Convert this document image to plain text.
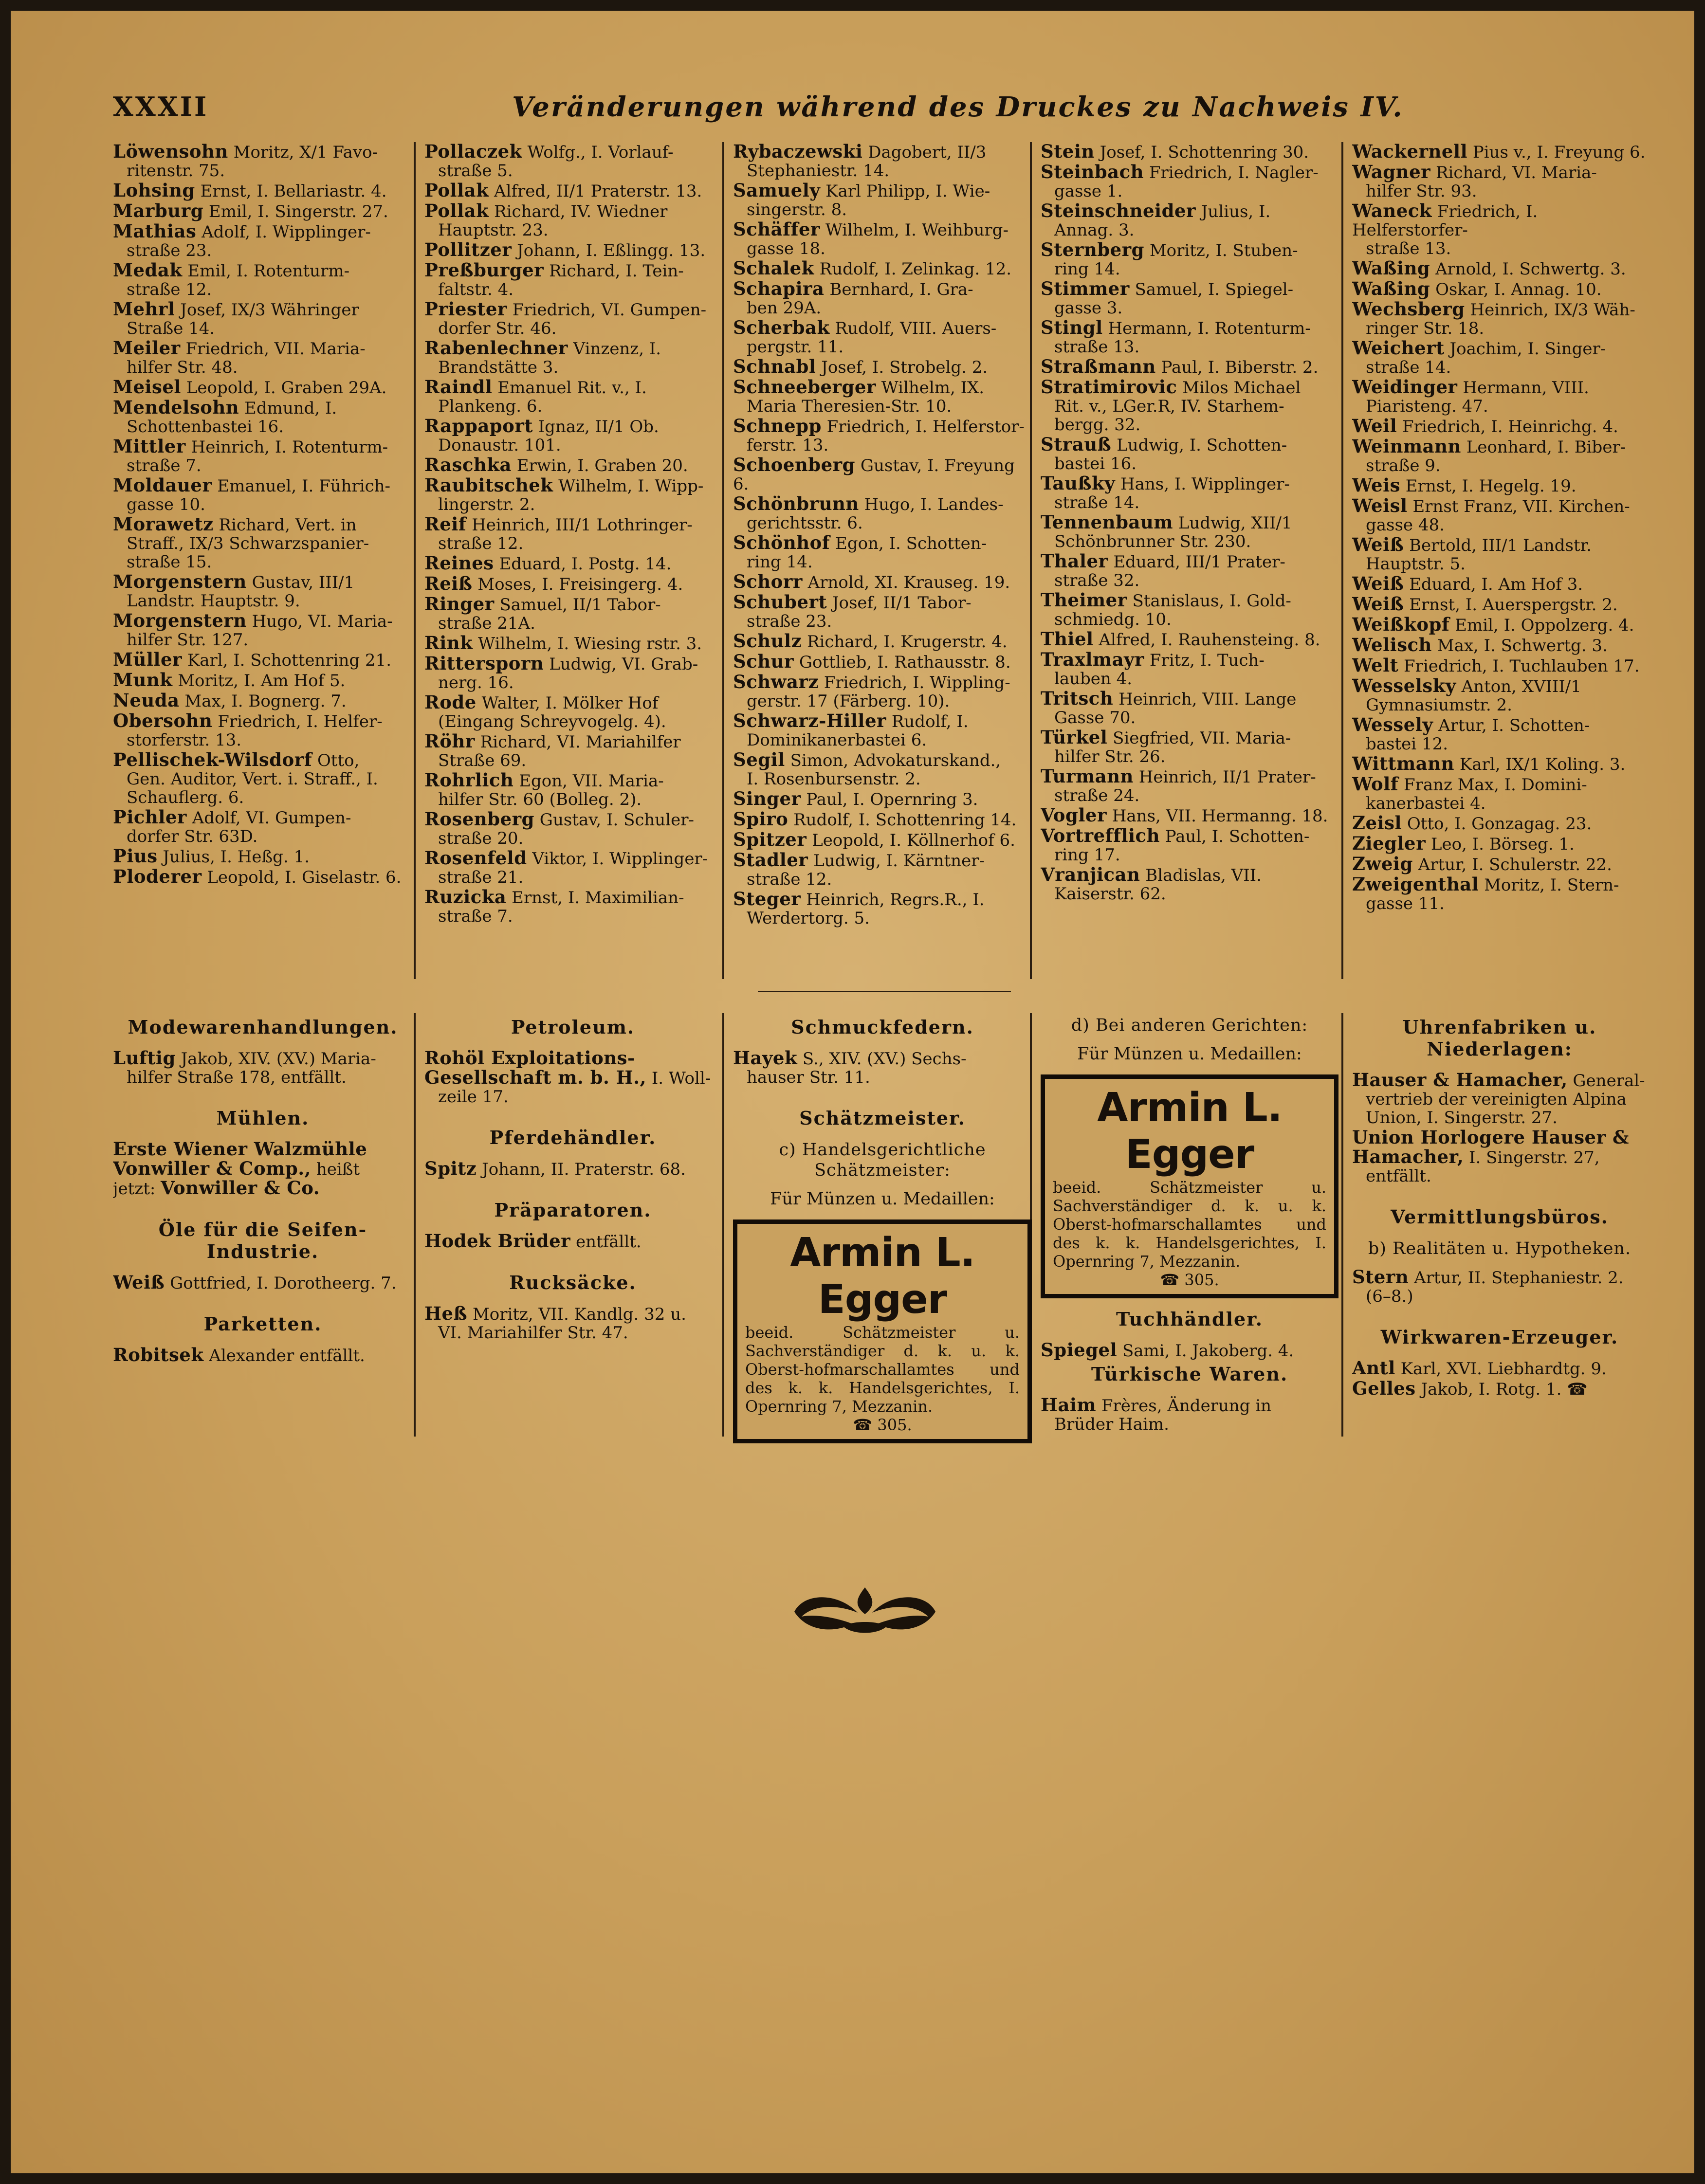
XXXII	Veränderungen während des Druckes zu Nachweis IV.
Löwensohn Moritz, X/1 Favo-
ritenstr. 75.
Lohsing Ernst, I. Bellariastr. 4.
Marburg Emil, I. Singerstr. 27.
Mathias Adolf, I. Wipplinger-
straße 23.
Medak Emil, I. Rotenturm-
straße 12.
Mehrl Josef, IX/3 Währinger
Straße 14.
Meiler Friedrich, VII. Maria-
hilfer Str. 48.
Meisel Leopold, I. Graben 29A.
Mendelsohn Edmund, I.
Schottenbastei 16.
Mittler Heinrich, I. Rotenturm-
straße 7.
Moldauer Emanuel, I. Führich-
gasse 10.
Morawetz Richard, Vert. in
Straff., IX/3 Schwarzspanier-straße 15.
Morgenstern Gustav, III/1
Landstr. Hauptstr. 9.
Morgenstern Hugo, VI. Maria-
hilfer Str. 127.
Müller Karl, I. Schottenring 21.
Munk Moritz, I. Am Hof 5.
Neuda Max, I. Bognerg. 7.
Obersohn Friedrich, I. Helfer-
storferstr. 13.
Pellischek-Wilsdorf Otto,
Gen. Auditor, Vert. i. Straff., I. Schauflerg. 6.
Pichler Adolf, VI. Gumpen-
dorfer Str. 63D.
Pius Julius, I. Heßg. 1.
Ploderer Leopold, I. Giselastr. 6.
Pollaczek Wolfg., I. Vorlauf-
straße 5.
Pollak Alfred, II/1 Praterstr. 13.
Pollak Richard, IV. Wiedner
Hauptstr. 23.
Pollitzer Johann, I. Eßlingg. 13.
Preßburger Richard, I. Tein-
faltstr. 4.
Priester Friedrich, VI. Gumpen-
dorfer Str. 46.
Rabenlechner Vinzenz, I.
Brandstätte 3.
Raindl Emanuel Rit. v., I.
Plankeng. 6.
Rappaport Ignaz, II/1 Ob.
Donaustr. 101.
Raschka Erwin, I. Graben 20.
Raubitschek Wilhelm, I. Wipp-
lingerstr. 2.
Reif Heinrich, III/1 Lothringer-
straße 12.
Reines Eduard, I. Postg. 14.
Reiß Moses, I. Freisingerg. 4.
Ringer Samuel, II/1 Tabor-
straße 21A.
Rink Wilhelm, I. Wiesing rstr. 3.
Rittersporn Ludwig, VI. Grab-
nerg. 16.
Rode Walter, I. Mölker Hof
(Eingang Schreyvogelg. 4).
Röhr Richard, VI. Mariahilfer
Straße 69.
Rohrlich Egon, VII. Maria-
hilfer Str. 60 (Bolleg. 2).
Rosenberg Gustav, I. Schuler-
straße 20.
Rosenfeld Viktor, I. Wipplinger-
straße 21.
Ruzicka Ernst, I. Maximilian-
straße 7.
Rybaczewski Dagobert, II/3
Stephaniestr. 14.
Samuely Karl Philipp, I. Wie-
singerstr. 8.
Schäffer Wilhelm, I. Weihburg-
gasse 18.
Schalek Rudolf, I. Zelinkag. 12.
Schapira Bernhard, I. Gra-
ben 29A.
Scherbak Rudolf, VIII. Auers-
pergstr. 11.
Schnabl Josef, I. Strobelg. 2.
Schneeberger Wilhelm, IX.
Maria Theresien-Str. 10.
Schnepp Friedrich, I. Helferstor-
ferstr. 13.
Schoenberg Gustav, I. Freyung 6.
Schönbrunn Hugo, I. Landes-
gerichtsstr. 6.
Schönhof Egon, I. Schotten-
ring 14.
Schorr Arnold, XI. Krauseg. 19.
Schubert Josef, II/1 Tabor-
straße 23.
Schulz Richard, I. Krugerstr. 4.
Schur Gottlieb, I. Rathausstr. 8.
Schwarz Friedrich, I. Wippling-
gerstr. 17 (Färberg. 10).
Schwarz-Hiller Rudolf, I.
Dominikanerbastei 6.
Segil Simon, Advokaturskand.,
I. Rosenbursenstr. 2.
Singer Paul, I. Opernring 3.
Spiro Rudolf, I. Schottenring 14.
Spitzer Leopold, I. Köllnerhof 6.
Stadler Ludwig, I. Kärntner-
straße 12.
Steger Heinrich, Regrs.R., I.
Werdertorg. 5.
Stein Josef, I. Schottenring 30.
Steinbach Friedrich, I. Nagler-
gasse 1.
Steinschneider Julius, I.
Annag. 3.
Sternberg Moritz, I. Stuben-
ring 14.
Stimmer Samuel, I. Spiegel-
gasse 3.
Stingl Hermann, I. Rotenturm-
straße 13.
Straßmann Paul, I. Biberstr. 2.
Stratimirovic Milos Michael
Rit. v., LGer.R, IV. Starhem-bergg. 32.
Strauß Ludwig, I. Schotten-
bastei 16.
Taußky Hans, I. Wipplinger-
straße 14.
Tennenbaum Ludwig, XII/1
Schönbrunner Str. 230.
Thaler Eduard, III/1 Prater-
straße 32.
Theimer Stanislaus, I. Gold-
schmiedg. 10.
Thiel Alfred, I. Rauhensteing. 8.
Traxlmayr Fritz, I. Tuch-
lauben 4.
Tritsch Heinrich, VIII. Lange
Gasse 70.
Türkel Siegfried, VII. Maria-
hilfer Str. 26.
Turmann Heinrich, II/1 Prater-
straße 24.
Vogler Hans, VII. Hermanng. 18.
Vortrefflich Paul, I. Schotten-
ring 17.
Vranjican Bladislas, VII.
Kaiserstr. 62.
Wackernell Pius v., I. Freyung 6.
Wagner Richard, VI. Maria-
hilfer Str. 93.
Waneck Friedrich, I. Helferstorfer-
straße 13.
Waßing Arnold, I. Schwertg. 3.
Waßing Oskar, I. Annag. 10.
Wechsberg Heinrich, IX/3 Wäh-
ringer Str. 18.
Weichert Joachim, I. Singer-
straße 14.
Weidinger Hermann, VIII.
Piaristeng. 47.
Weil Friedrich, I. Heinrichg. 4.
Weinmann Leonhard, I. Biber-
straße 9.
Weis Ernst, I. Hegelg. 19.
Weisl Ernst Franz, VII. Kirchen-
gasse 48.
Weiß Bertold, III/1 Landstr.
Hauptstr. 5.
Weiß Eduard, I. Am Hof 3.
Weiß Ernst, I. Auerspergstr. 2.
Weißkopf Emil, I. Oppolzerg. 4.
Welisch Max, I. Schwertg. 3.
Welt Friedrich, I. Tuchlauben 17.
Wesselsky Anton, XVIII/1
Gymnasiumstr. 2.
Wessely Artur, I. Schotten-
bastei 12.
Wittmann Karl, IX/1 Koling. 3.
Wolf Franz Max, I. Domini-
kanerbastei 4.
Zeisl Otto, I. Gonzagag. 23.
Ziegler Leo, I. Börseg. 1.
Zweig Artur, I. Schulerstr. 22.
Zweigenthal Moritz, I. Stern-
gasse 11.
Modewarenhandlungen.
Luftig Jakob, XIV. (XV.) Maria-
hilfer Straße 178, entfällt.
Mühlen.
Erste Wiener Walzmühle Vonwiller & Comp., heißt
jetzt: Vonwiller & Co.
Öle für die Seifen-Industrie.
Weiß Gottfried, I. Dorotheerg. 7.
Parketten.
Robitsek Alexander entfällt.
Petroleum.
Rohöl Exploitations-Gesellschaft m. b. H., I. Woll-
zeile 17.
Pferdehändler.
Spitz Johann, II. Praterstr. 68.
Präparatoren.
Hodek Brüder entfällt.
Rucksäcke.
Heß Moritz, VII. Kandlg. 32 u.
VI. Mariahilfer Str. 47.
Schmuckfedern.
Hayek S., XIV. (XV.) Sechs-
hauser Str. 11.
Schätzmeister.
c) Handelsgerichtliche Schätzmeister:
Für Münzen u. Medaillen:
Armin L. Egger
beeid. Schätzmeister u. Sachverständiger d. k. u. k. Oberst-hofmarschallamtes und des k. k. Handelsgerichtes, I. Opernring 7, Mezzanin.
☎ 305.
d) Bei anderen Gerichten:
Für Münzen u. Medaillen:
Armin L. Egger
beeid. Schätzmeister u. Sachverständiger d. k. u. k. Oberst-hofmarschallamtes und des k. k. Handelsgerichtes, I. Opernring 7, Mezzanin.
☎ 305.
Tuchhändler.
Spiegel Sami, I. Jakoberg. 4.
Türkische Waren.
Haim Frères, Änderung in
Brüder Haim.
Uhrenfabriken u. Niederlagen:
Hauser & Hamacher, General-
vertrieb der vereinigten Alpina Union, I. Singerstr. 27.
Union Horlogere Hauser & Hamacher, I. Singerstr. 27,
entfällt.
Vermittlungsbüros.
b) Realitäten u. Hypotheken.
Stern Artur, II. Stephaniestr. 2.
(6–8.)
Wirkwaren-Erzeuger.
Antl Karl, XVI. Liebhardtg. 9.
Gelles Jakob, I. Rotg. 1. ☎
